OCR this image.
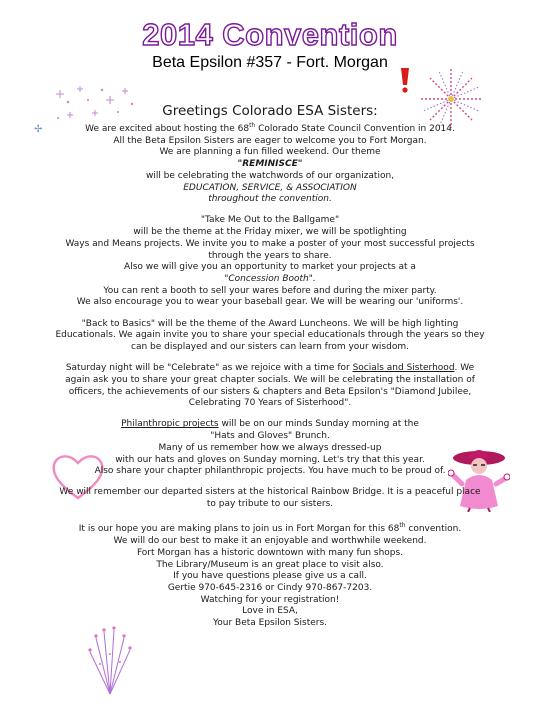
2014 Convention
Beta Epsilon #357 - Fort. Morgan
✢

Greetings Colorado ESA Sisters:

We are excited about hosting the 68th Colorado State Council Convention in 2014.

All the Beta Epsilon Sisters are eager to welcome you to Fort Morgan.

We are planning a fun filled weekend. Our theme

"REMINISCE"

will be celebrating the watchwords of our organization,

EDUCATION, SERVICE, & ASSOCIATION

throughout the convention.

"Take Me Out to the Ballgame"

will be the theme at the Friday mixer, we will be spotlighting

Ways and Means projects. We invite you to make a poster of your most successful projects

through the years to share.

Also we will give you an opportunity to market your projects at a

"Concession Booth".

You can rent a booth to sell your wares before and during the mixer party.

We also encourage you to wear your baseball gear. We will be wearing our 'uniforms'.

"Back to Basics" will be the theme of the Award Luncheons. We will be high lighting

Educationals. We again invite you to share your special educationals through the years so they

can be displayed and our sisters can learn from your wisdom.

Saturday night will be "Celebrate" as we rejoice with a time for Socials and Sisterhood. We

again ask you to share your great chapter socials. We will be celebrating the installation of

officers, the achievements of our sisters & chapters and Beta Epsilon's "Diamond Jubilee,

Celebrating 70 Years of Sisterhood".

Philanthropic projects will be on our minds Sunday morning at the

"Hats and Gloves" Brunch.

Many of us remember how we always dressed-up

with our hats and gloves on Sunday morning. Let's try that this year.

Also share your chapter philanthropic projects. You have much to be proud of.

We will remember our departed sisters at the historical Rainbow Bridge. It is a peaceful place

to pay tribute to our sisters.

It is our hope you are making plans to join us in Fort Morgan for this 68th convention.

We will do our best to make it an enjoyable and worthwhile weekend.

Fort Morgan has a historic downtown with many fun shops.

The Library/Museum is an great place to visit also.

If you have questions please give us a call.

Gertie 970-645-2316 or Cindy 970-867-7203.

Watching for your registration!

Love in ESA,

Your Beta Epsilon Sisters.
